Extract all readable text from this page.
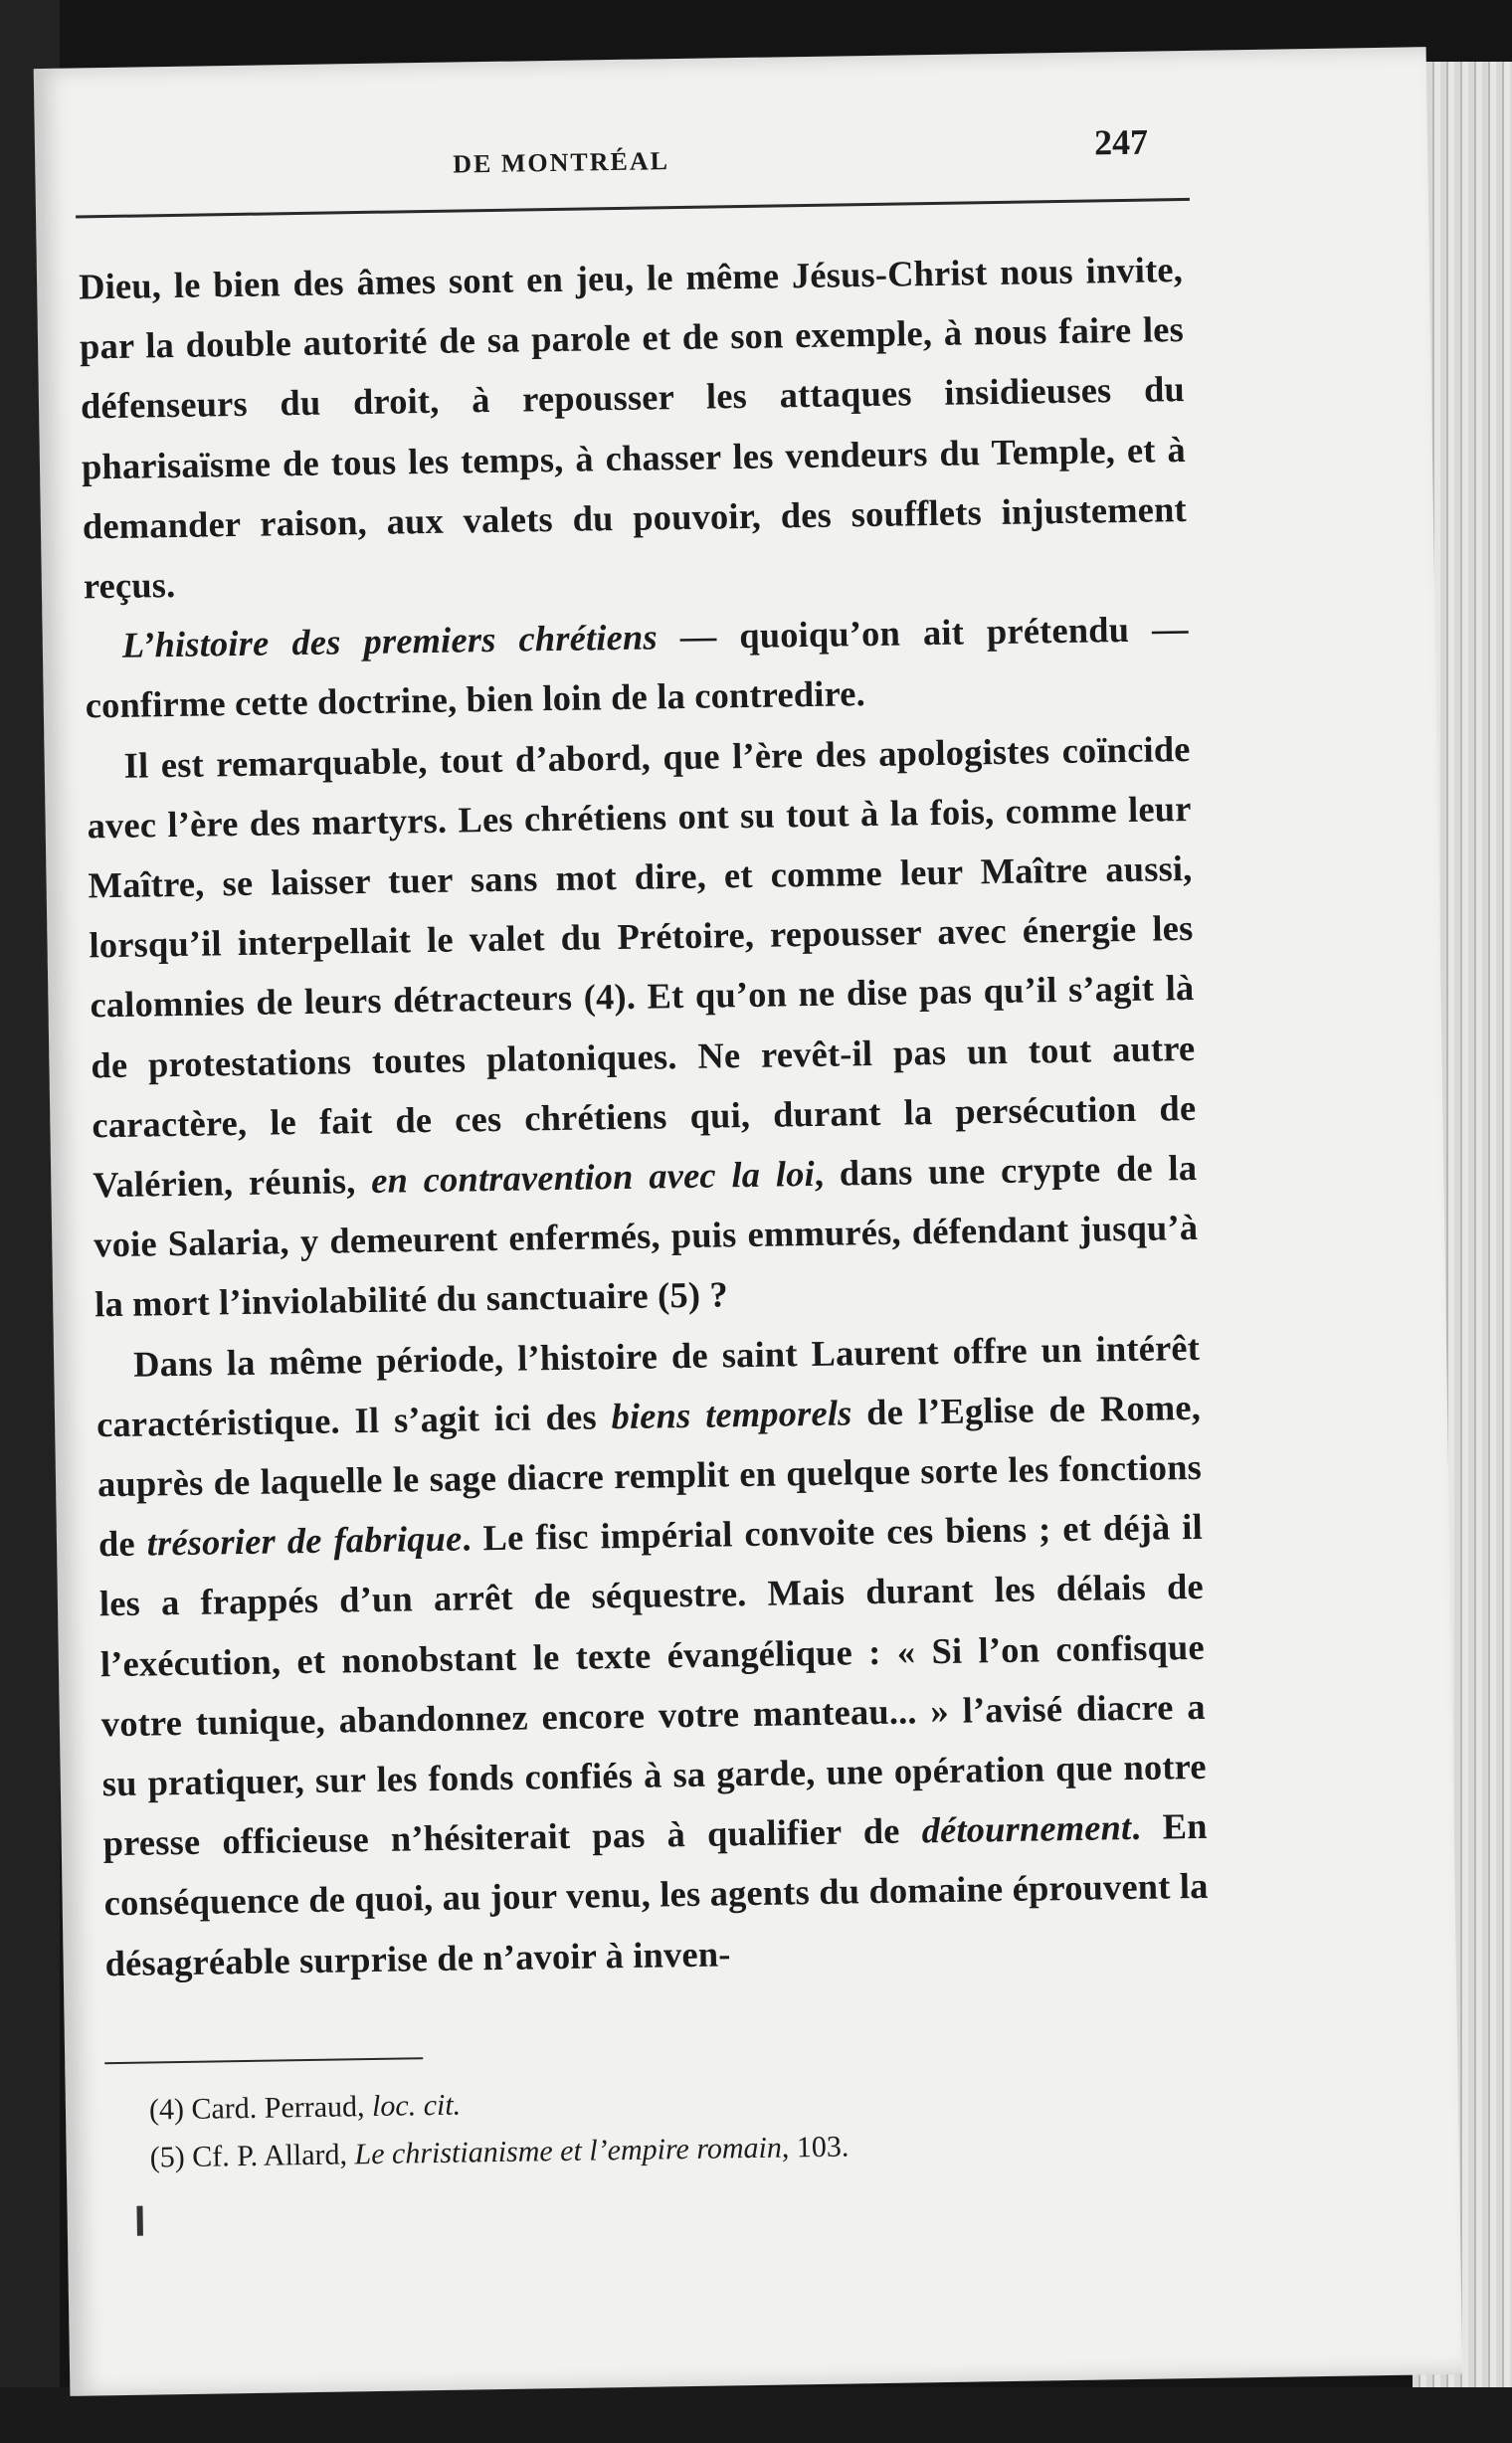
DE MONTRÉAL	247

Dieu, le bien des âmes sont en jeu, le même Jésus-Christ nous invite, par la double autorité de sa parole et de son exemple, à nous faire les défenseurs du droit, à repousser les attaques insidieuses du pharisaïsme de tous les temps, à chasser les vendeurs du Temple, et à demander raison, aux valets du pouvoir, des soufflets injustement reçus.

L’histoire des premiers chrétiens — quoiqu’on ait prétendu — confirme cette doctrine, bien loin de la contredire.

Il est remarquable, tout d’abord, que l’ère des apologistes coïncide avec l’ère des martyrs. Les chrétiens ont su tout à la fois, comme leur Maître, se laisser tuer sans mot dire, et comme leur Maître aussi, lorsqu’il interpellait le valet du Prétoire, repousser avec énergie les calomnies de leurs détracteurs (4). Et qu’on ne dise pas qu’il s’agit là de protestations toutes platoniques. Ne revêt-il pas un tout autre caractère, le fait de ces chrétiens qui, durant la persécution de Valérien, réunis, en contravention avec la loi, dans une crypte de la voie Salaria, y demeurent enfermés, puis emmurés, défendant jusqu’à la mort l’inviolabilité du sanctuaire (5) ?

Dans la même période, l’histoire de saint Laurent offre un intérêt caractéristique. Il s’agit ici des biens temporels de l’Eglise de Rome, auprès de laquelle le sage diacre remplit en quelque sorte les fonctions de trésorier de fabrique. Le fisc impérial convoite ces biens ; et déjà il les a frappés d’un arrêt de séquestre. Mais durant les délais de l’exécution, et nonobstant le texte évangélique : « Si l’on confisque votre tunique, abandonnez encore votre manteau... » l’avisé diacre a su pratiquer, sur les fonds confiés à sa garde, une opération que notre presse officieuse n’hésiterait pas à qualifier de détournement. En conséquence de quoi, au jour venu, les agents du domaine éprouvent la désagréable surprise de n’avoir à inven-

(4) Card. Perraud, loc. cit.
(5) Cf. P. Allard, Le christianisme et l’empire romain, 103.
